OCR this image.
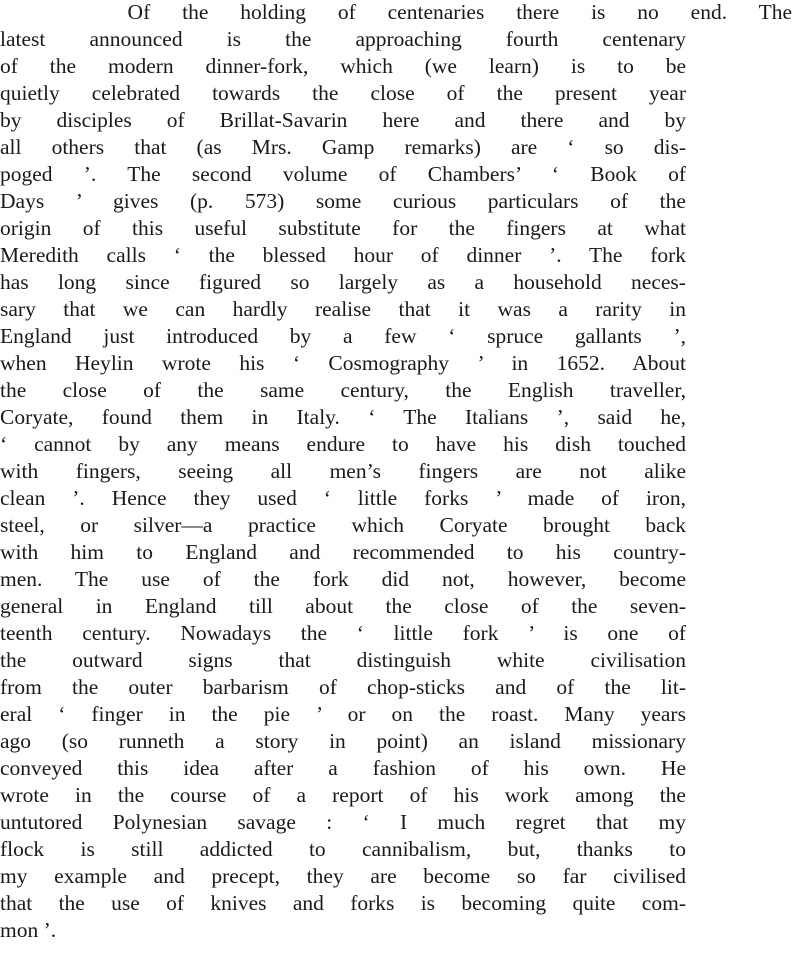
Of the holding of centenaries there is no end. The
latest announced is the approaching fourth centenary
of the modern dinner-fork, which (we learn) is to be
quietly celebrated towards the close of the present year
by disciples of Brillat-Savarin here and there and by
all others that (as Mrs. Gamp remarks) are ‘ so dis-
poged ’. The second volume of Chambers’ ‘ Book of
Days ’ gives (p. 573) some curious particulars of the
origin of this useful substitute for the fingers at what
Meredith calls ‘ the blessed hour of dinner ’. The fork
has long since figured so largely as a household neces-
sary that we can hardly realise that it was a rarity in
England just introduced by a few ‘ spruce gallants ’,
when Heylin wrote his ‘ Cosmography ’ in 1652. About
the close of the same century, the English traveller,
Coryate, found them in Italy. ‘ The Italians ’, said he,
‘ cannot by any means endure to have his dish touched
with fingers, seeing all men’s fingers are not alike
clean ’. Hence they used ‘ little forks ’ made of iron,
steel, or silver—a practice which Coryate brought back
with him to England and recommended to his country-
men. The use of the fork did not, however, become
general in England till about the close of the seven-
teenth century. Nowadays the ‘ little fork ’ is one of
the outward signs that distinguish white civilisation
from the outer barbarism of chop-sticks and of the lit-
eral ‘ finger in the pie ’ or on the roast. Many years
ago (so runneth a story in point) an island missionary
conveyed this idea after a fashion of his own. He
wrote in the course of a report of his work among the
untutored Polynesian savage : ‘ I much regret that my
flock is still addicted to cannibalism, but, thanks to
my example and precept, they are become so far civilised
that the use of knives and forks is becoming quite com-
mon ’.
